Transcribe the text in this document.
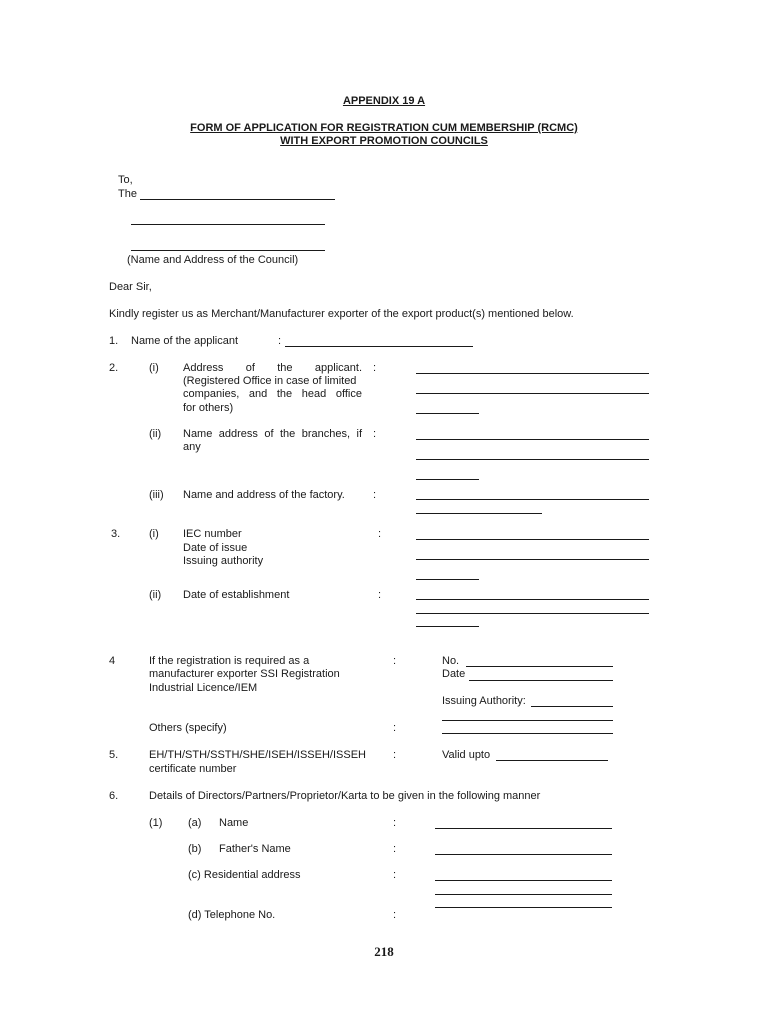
APPENDIX 19 A
FORM OF APPLICATION FOR REGISTRATION CUM MEMBERSHIP (RCMC)
WITH EXPORT PROMOTION COUNCILS
To,
The
(Name and Address of the Council)
Dear Sir,
Kindly register us as Merchant/Manufacturer exporter of the export product(s) mentioned below.
1. Name of the applicant	:
2.	(i) Address of the applicant.
(Registered Office in case of limited
companies, and the head office
for others)
:
(ii) Name address of the branches, if
any
:
(iii) Name and address of the factory.	:
3.	(i) IEC number
Date of issue
Issuing authority
:
(ii) Date of establishment	:
4	If the registration is required as a
manufacturer exporter SSI Registration
Industrial Licence/IEM
:	No.
Date
Issuing Authority:
Others (specify)	:
5.	EH/TH/STH/SSTH/SHE/ISEH/ISSEH/ISSEH
certificate number
:	Valid upto
6.	Details of Directors/Partners/Proprietor/Karta to be given in the following manner
(1) (a) Name	:
(b) Father's Name	:
(c) Residential address	:
(d) Telephone No.	:
218
